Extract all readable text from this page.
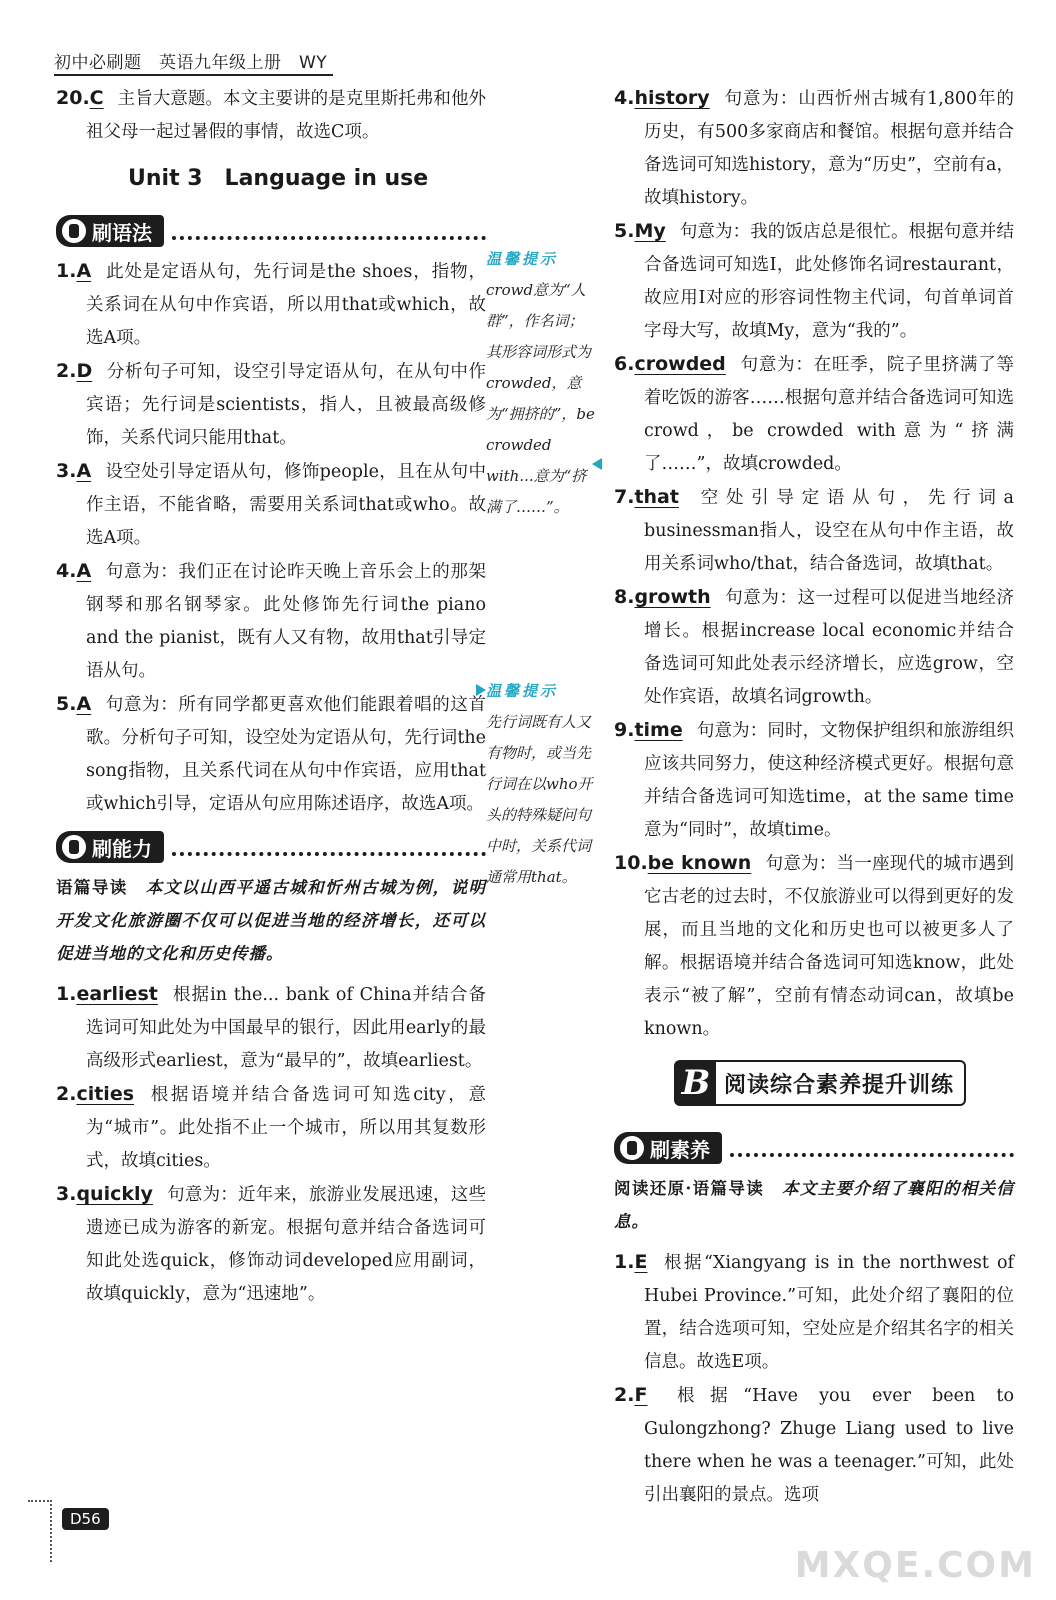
初中必刷题　英语九年级上册　WY
20.C 主旨大意题。本文主要讲的是克里斯托弗和他外祖父母一起过暑假的事情，故选C项。
Unit 3　Language in use
刷语法
1.A 此处是定语从句，先行词是the shoes，指物，关系词在从句中作宾语，所以用that或which，故选A项。
2.D 分析句子可知，设空引导定语从句，在从句中作宾语；先行词是scientists，指人，且被最高级修饰，关系代词只能用that。
3.A 设空处引导定语从句，修饰people，且在从句中作主语，不能省略，需要用关系词that或who。故选A项。
4.A 句意为：我们正在讨论昨天晚上音乐会上的那架钢琴和那名钢琴家。此处修饰先行词the piano and the pianist，既有人又有物，故用that引导定语从句。
5.A 句意为：所有同学都更喜欢他们能跟着唱的这首歌。分析句子可知，设空处为定语从句，先行词the song指物，且关系代词在从句中作宾语，应用that或which引导，定语从句应用陈述语序，故选A项。
刷能力
语篇导读　 本文以山西平遥古城和忻州古城为例，说明开发文化旅游圈不仅可以促进当地的经济增长，还可以促进当地的文化和历史传播。
1.earliest 根据in the... bank of China并结合备选词可知此处为中国最早的银行，因此用early的最高级形式earliest，意为“最早的”，故填earliest。
2.cities 根据语境并结合备选词可知选city，意为“城市”。此处指不止一个城市，所以用其复数形式，故填cities。
3.quickly 句意为：近年来，旅游业发展迅速，这些遗迹已成为游客的新宠。根据句意并结合备选词可知此处选quick，修饰动词developed应用副词，故填quickly，意为“迅速地”。
温馨提示
crowd意为“人群”，作名词；其形容词形式为crowded，意为“拥挤的”，be crowded with...意为“挤满了……”。
温馨提示
先行词既有人又有物时，或当先行词在以who开头的特殊疑问句中时，关系代词通常用that。
4.history 句意为：山西忻州古城有1,800年的历史，有500多家商店和餐馆。根据句意并结合备选词可知选history，意为“历史”，空前有a，故填history。
5.My 句意为：我的饭店总是很忙。根据句意并结合备选词可知选I，此处修饰名词restaurant，故应用I对应的形容词性物主代词，句首单词首字母大写，故填My，意为“我的”。
6.crowded 句意为：在旺季，院子里挤满了等着吃饭的游客……根据句意并结合备选词可知选crowd，be crowded with意为“挤满了……”，故填crowded。
7.that 空处引导定语从句，先行词a businessman指人，设空在从句中作主语，故用关系词who/that，结合备选词，故填that。
8.growth 句意为：这一过程可以促进当地经济增长。根据increase local economic并结合备选词可知此处表示经济增长，应选grow，空处作宾语，故填名词growth。
9.time 句意为：同时，文物保护组织和旅游组织应该共同努力，使这种经济模式更好。根据句意并结合备选词可知选time，at the same time意为“同时”，故填time。
10.be known 句意为：当一座现代的城市遇到它古老的过去时，不仅旅游业可以得到更好的发展，而且当地的文化和历史也可以被更多人了解。根据语境并结合备选词可知选know，此处表示“被了解”，空前有情态动词can，故填be known。
B 阅读综合素养提升训练
刷素养
阅读还原·语篇导读　 本文主要介绍了襄阳的相关信息。
1.E 根据“Xiangyang is in the northwest of Hubei Province.”可知，此处介绍了襄阳的位置，结合选项可知，空处应是介绍其名字的相关信息。故选E项。
2.F 根据“Have you ever been to Gulongzhong? Zhuge Liang used to live there when he was a teenager.”可知，此处引出襄阳的景点。选项
D56
MXQE.COM
